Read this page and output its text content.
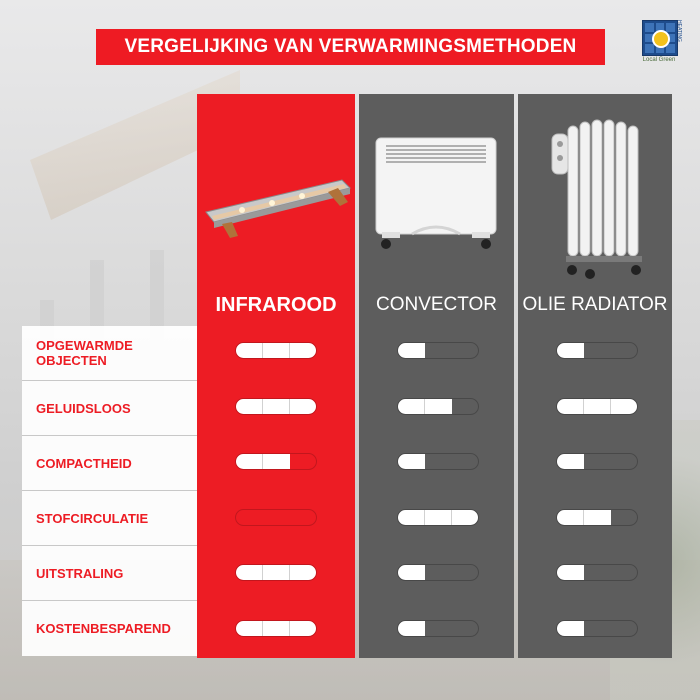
VERGELIJKING VAN VERWARMINGSMETHODEN
Local Green
HEATING
INFRAROOD	CONVECTOR	OLIE RADIATOR
OPGEWARMDE OBJECTEN
GELUIDSLOOS
COMPACTHEID
STOFCIRCULATIE
UITSTRALING
KOSTENBESPAREND
